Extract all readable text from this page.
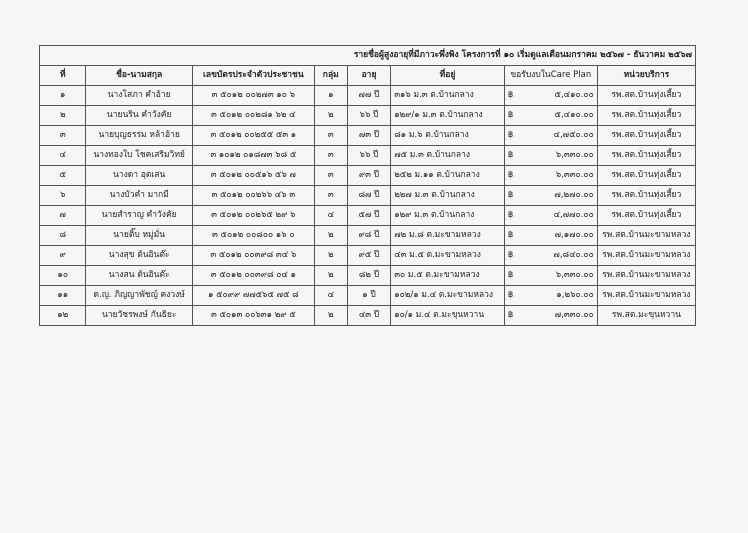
รายชื่อผู้สูงอายุที่มีภาวะพึ่งพิง โครงการที่ ๑๐ เริ่มดูแลเดือนมกราคม ๒๕๖๗ - ธันวาคม ๒๕๖๗							
ที่	ชื่อ-นามสกุล	เลขบัตรประจำตัวประชาชน	กลุ่ม	อายุ	ที่อยู่	ขอรับงบในCare Plan	หน่วยบริการ
๑	นางโสภา คำอ้าย	๓ ๕๐๑๒ ๐๐๒๗๓ ๑๐ ๖	๑	๗๗ ปี	๓๑๖ ม.๓ ต.บ้านกลาง	฿ ๕,๔๑๐.๐๐	รพ.สต.บ้านทุ่งเสี้ยว
๒	นายนริน คำวังคัย	๓ ๕๐๑๒ ๐๐๒๘๑ ๖๒ ๔	๒	๖๖ ปี	๑๒๙/๑ ม.๓ ต.บ้านกลาง	฿ ๕,๔๑๐.๐๐	รพ.สต.บ้านทุ่งเสี้ยว
๓	นายบุญธรรม หล้าอ้าย	๓ ๕๐๑๒ ๐๐๒๕๕ ๕๓ ๑	๓	๗๓ ปี	๘๑ ม.๖ ต.บ้านกลาง	฿ ๔,๗๕๐.๐๐	รพ.สต.บ้านทุ่งเสี้ยว
๔	นางทองใบ โชคเสริมวิทย์	๓ ๑๐๑๒ ๐๑๘๗๓ ๖๘ ๕	๓	๖๖ ปี	๗๕ ม.๓ ต.บ้านกลาง	฿ ๖,๓๓๐.๐๐	รพ.สต.บ้านทุ่งเสี้ยว
๕	นางดา อุตเสน	๓ ๕๐๑๒ ๐๐๕๑๖ ๕๖ ๗	๓	๙๓ ปี	๒๕๒ ม.๑๑ ต.บ้านกลาง	฿ ๖,๓๓๐.๐๐	รพ.สต.บ้านทุ่งเสี้ยว
๖	นางบัวคำ มากมี	๓ ๕๐๑๒ ๐๐๒๖๖ ๔๖ ๓	๓	๘๗ ปี	๒๒๗ ม.๓ ต.บ้านกลาง	฿ ๗,๒๗๐.๐๐	รพ.สต.บ้านทุ่งเสี้ยว
๗	นายสำราญ คำวังคัย	๓ ๕๐๑๒ ๐๐๒๖๕ ๒๙ ๖	๔	๕๗ ปี	๑๒๙ ม.๓ ต.บ้านกลาง	฿ ๔,๗๗๐.๐๐	รพ.สต.บ้านทุ่งเสี้ยว
๘	นายติ๊บ หมู่มั่น	๓ ๕๐๑๒ ๐๐๘๐๐ ๑๖ ๐	๒	๙๘ ปี	๗๒ ม.๘ ต.มะขามหลวง	฿ ๗,๑๗๐.๐๐	รพ.สต.บ้านมะขามหลวง
๙	นางสุข ต้นอินต๊ะ	๓ ๕๐๑๒ ๐๐๓๙๘ ๓๔ ๖	๒	๙๕ ปี	๔๓ ม.๕ ต.มะขามหลวง	฿ ๗,๘๔๐.๐๐	รพ.สต.บ้านมะขามหลวง
๑๐	นางสน ต้นอินต๊ะ	๓ ๕๐๑๒ ๐๐๓๙๘ ๐๔ ๑	๒	๘๒ ปี	๓๐ ม.๕ ต.มะขามหลวง	฿ ๖,๓๓๐.๐๐	รพ.สต.บ้านมะขามหลวง
๑๑	ด.ญ. ภิญญาพัชญ์ คงวงษ์	๑ ๕๐๙๙ ๗๗๕๖๕ ๗๕ ๘	๔	๑ ปี	๑๐๒/๑ ม.๔ ต.มะขามหลวง	฿ ๑,๒๖๐.๐๐	รพ.สต.บ้านมะขามหลวง
๑๒	นายวัชรพงษ์ กันธิยะ	๓ ๕๐๑๓ ๐๐๖๓๑ ๒๙ ๕	๒	๔๓ ปี	๑๐/๑ ม.๔ ต.มะขุนหวาน	฿ ๗,๓๓๐.๐๐	รพ.สต.มะขุนหวาน
